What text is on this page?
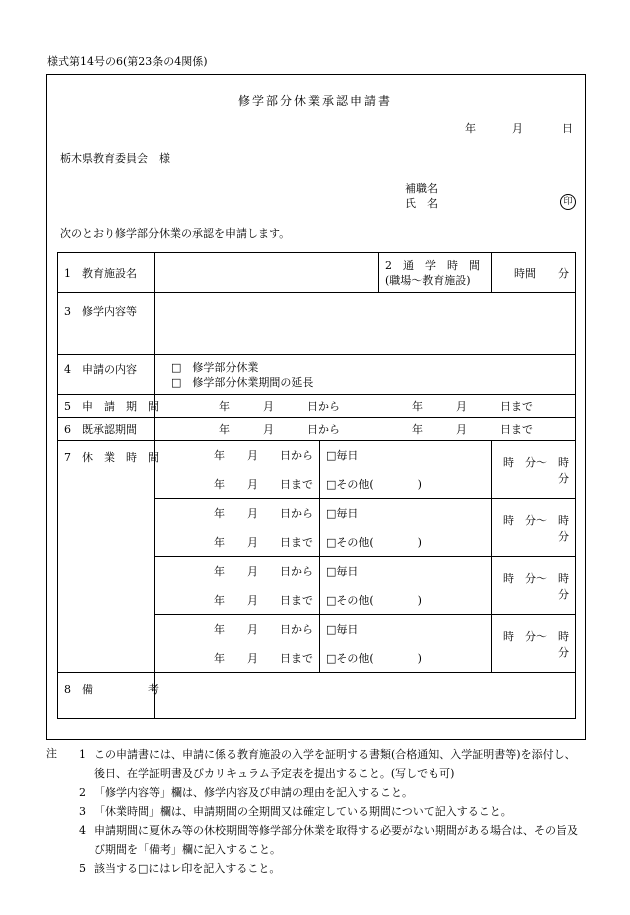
様式第14号の6(第23条の4関係)
修学部分休業承認申請書
年	月	日
栃木県教育委員会　様
補職名
氏　名	印
次のとおり修学部分休業の承認を申請します。
1　教育施設名			2　通　学　時　間
(職場～教育施設)	時間　　分
3　修学内容等				
4　申請の内容	□　修学部分休業
□　修学部分休業期間の延長			

5　申　請　期　間	年　　　月　　　日から 年　　　月　　　日まで			

6　既承認期間	年　　　月　　　日から 年　　　月　　　日まで			

7　休　業　時　間	年　　月　　日から	□毎日		時　分～　時　分
	年　　月　　日まで	□その他(　　　　)		
	年　　月　　日から	□毎日		時　分～　時　分
	年　　月　　日まで	□その他(　　　　)		
	年　　月　　日から	□毎日		時　分～　時　分
	年　　月　　日まで	□その他(　　　　)		
	年　　月　　日から	□毎日		時　分～　時　分
	年　　月　　日まで	□その他(　　　　)		
8　備　　　　　考				
注	1 この申請書には、申請に係る教育施設の入学を証明する書類(合格通知、入学証明書等)を添付し、後日、在学証明書及びカリキュラム予定表を提出すること。(写しでも可)
2 「修学内容等」欄は、修学内容及び申請の理由を記入すること。
3 「休業時間」欄は、申請期間の全期間又は確定している期間について記入すること。
4 申請期間に夏休み等の休校期間等修学部分休業を取得する必要がない期間がある場合は、その旨及び期間を「備考」欄に記入すること。
5 該当する□にはレ印を記入すること。
